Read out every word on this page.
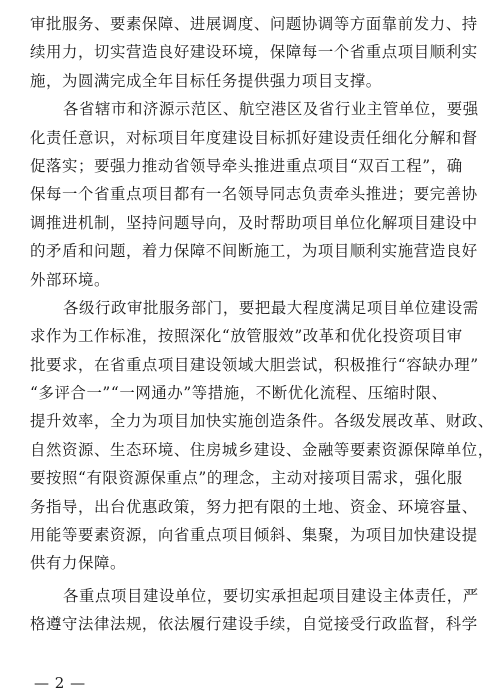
审批服务、要素保障、进展调度、问题协调等方面靠前发力、持
续用力，切实营造良好建设环境，保障每一个省重点项目顺利实
施，为圆满完成全年目标任务提供强力项目支撑。
各省辖市和济源示范区、航空港区及省行业主管单位，要强
化责任意识，对标项目年度建设目标抓好建设责任细化分解和督
促落实；要强力推动省领导牵头推进重点项目“双百工程”，确
保每一个省重点项目都有一名领导同志负责牵头推进；要完善协
调推进机制，坚持问题导向，及时帮助项目单位化解项目建设中
的矛盾和问题，着力保障不间断施工，为项目顺利实施营造良好
外部环境。
各级行政审批服务部门，要把最大程度满足项目单位建设需
求作为工作标准，按照深化“放管服效”改革和优化投资项目审
批要求，在省重点项目建设领域大胆尝试，积极推行“容缺办理”
“多评合一”“一网通办”等措施，不断优化流程、压缩时限、
提升效率，全力为项目加快实施创造条件。各级发展改革、财政、
自然资源、生态环境、住房城乡建设、金融等要素资源保障单位，
要按照“有限资源保重点”的理念，主动对接项目需求，强化服
务指导，出台优惠政策，努力把有限的土地、资金、环境容量、
用能等要素资源，向省重点项目倾斜、集聚，为项目加快建设提
供有力保障。
各重点项目建设单位，要切实承担起项目建设主体责任，严
格遵守法律法规，依法履行建设手续，自觉接受行政监督，科学
— 2 —
